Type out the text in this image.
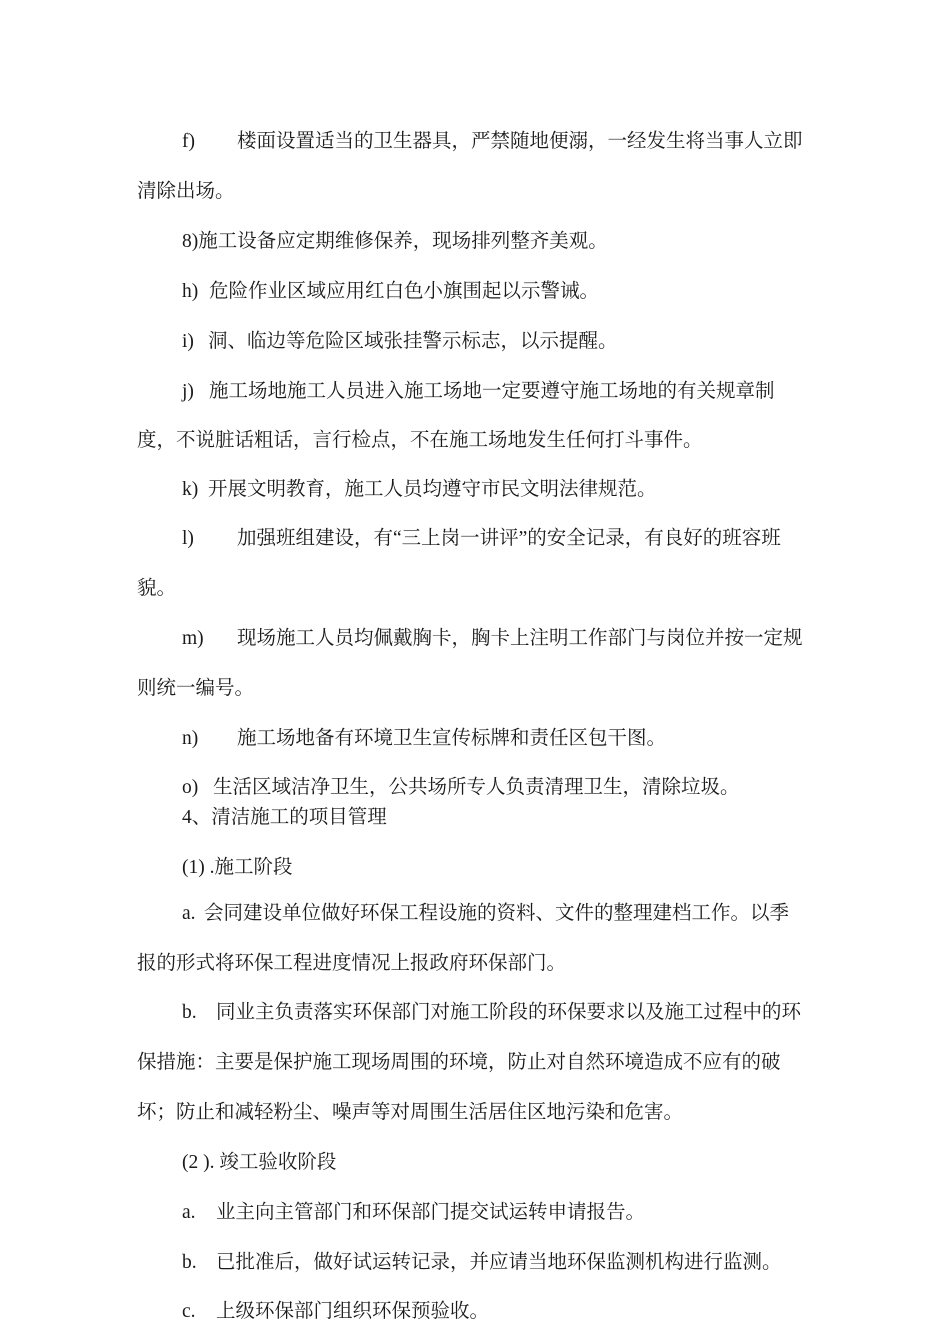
f) 楼面设置适当的卫生器具，严禁随地便溺，一经发生将当事人立即
清除出场。
8)施工设备应定期维修保养，现场排列整齐美观。
h) 危险作业区域应用红白色小旗围起以示警诫。
i) 洞、临边等危险区域张挂警示标志，以示提醒。
j) 施工场地施工人员进入施工场地一定要遵守施工场地的有关规章制
度，不说脏话粗话，言行检点，不在施工场地发生任何打斗事件。
k) 开展文明教育，施工人员均遵守市民文明法律规范。
l) 加强班组建设，有“三上岗一讲评”的安全记录，有良好的班容班
貌。
m) 现场施工人员均佩戴胸卡，胸卡上注明工作部门与岗位并按一定规
则统一编号。
n) 施工场地备有环境卫生宣传标牌和责任区包干图。
o) 生活区域洁净卫生，公共场所专人负责清理卫生，清除垃圾。
4、清洁施工的项目管理
(1) .施工阶段
a. 会同建设单位做好环保工程设施的资料、文件的整理建档工作。以季
报的形式将环保工程进度情况上报政府环保部门。
b. 同业主负责落实环保部门对施工阶段的环保要求以及施工过程中的环
保措施：主要是保护施工现场周围的环境，防止对自然环境造成不应有的破
坏；防止和减轻粉尘、噪声等对周围生活居住区地污染和危害。
(2 ). 竣工验收阶段
a. 业主向主管部门和环保部门提交试运转申请报告。
b. 已批准后，做好试运转记录，并应请当地环保监测机构进行监测。
c. 上级环保部门组织环保预验收。
